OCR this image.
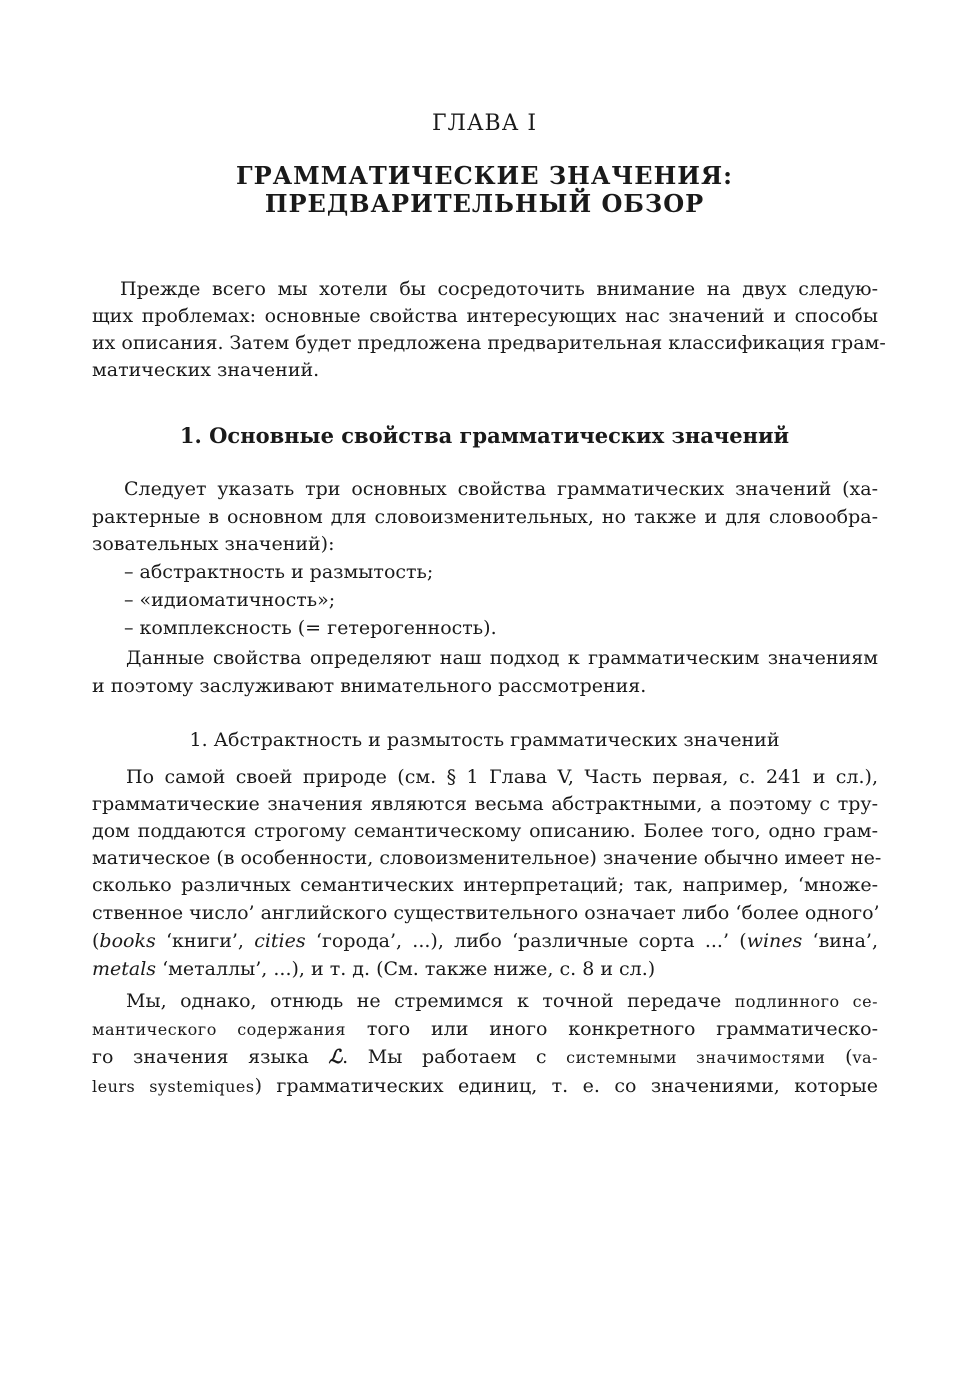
ГЛАВА I
ГРАММАТИЧЕСКИЕ ЗНАЧЕНИЯ:
ПРЕДВАРИТЕЛЬНЫЙ ОБЗОР
Прежде всего мы хотели бы сосредоточить внимание на двух следую-
щих проблемах: основные свойства интересующих нас значений и способы
их описания. Затем будет предложена предварительная классификация грам-
матических значений.
1. Основные свойства грамматических значений
Следует указать три основных свойства грамматических значений (ха-
рактерные в основном для словоизменительных, но также и для словообра-
зовательных значений):
– абстрактность и размытость;
– «идиоматичность»;
– комплексность (= гетерогенность).
Данные свойства определяют наш подход к грамматическим значениям
и поэтому заслуживают внимательного рассмотрения.
1. Абстрактность и размытость грамматических значений
По самой своей природе (см. § 1 Глава V, Часть первая, с. 241 и сл.),
грамматические значения являются весьма абстрактными, а поэтому с тру-
дом поддаются строгому семантическому описанию. Более того, одно грам-
матическое (в особенности, словоизменительное) значение обычно имеет не-
сколько различных семантических интерпретаций; так, например, ‘множе-
ственное число’ английского существительного означает либо ‘более одного’
(books ‘книги’, cities ‘города’, ...), либо ‘различные сорта ...’ (wines ‘вина’,
metals ‘металлы’, ...), и т. д. (См. также ниже, с. 8 и сл.)
Мы, однако, отнюдь не стремимся к точной передаче подлинного се-
мантического содержания того или иного конкретного грамматическо-
го значения языка ℒ. Мы работаем с системными значимостями (va-
leurs systemiques) грамматических единиц, т. е. со значениями, которые
